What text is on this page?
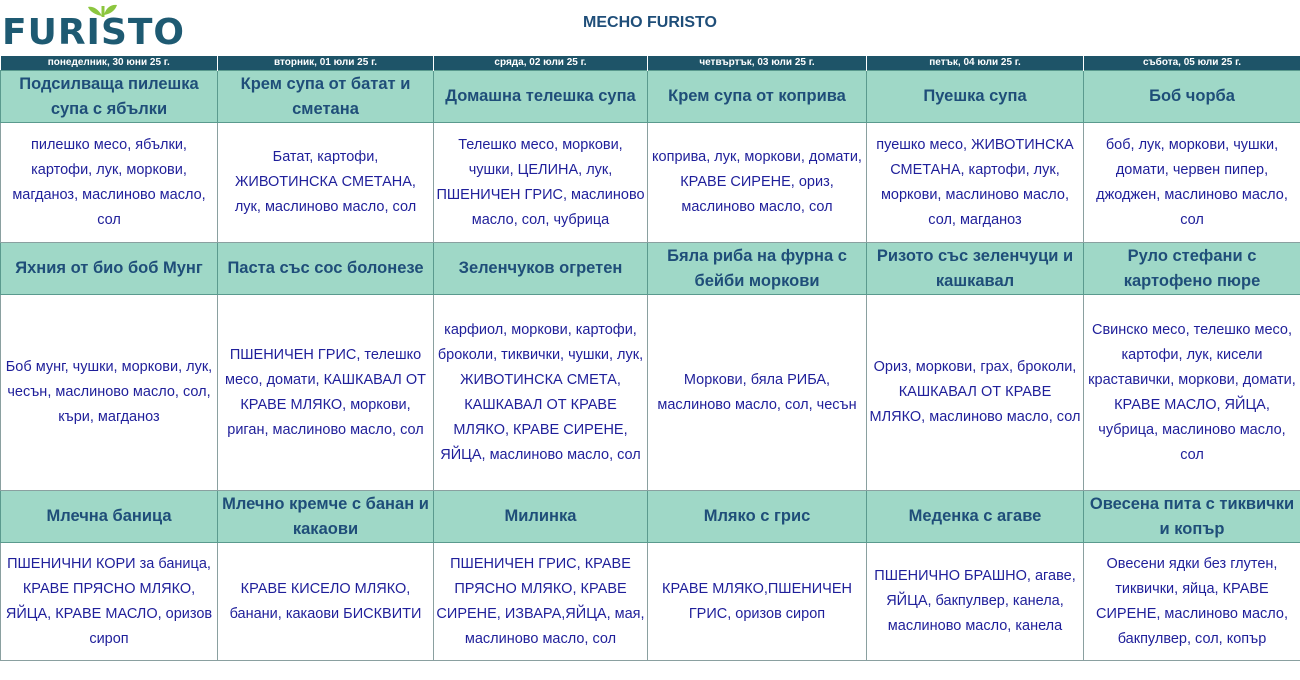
FURISTO	МЕСНО FURISTO
понеделник, 30 юни 25 г.	вторник, 01 юли 25 г.	сряда, 02 юли 25 г.	четвъртък, 03 юли 25 г.	петък, 04 юли 25 г.	събота, 05 юли 25 г.
Подсилваща пилешка супа с ябълки	Крем супа от батат и сметана	Домашна телешка супа	Крем супа от коприва	Пуешка супа	Боб чорба
пилешко месо, ябълки, картофи, лук, моркови, магданоз, маслиново масло, сол	Батат, картофи, ЖИВОТИНСКА СМЕТАНА, лук, маслиново масло, сол	Телешко месо, моркови, чушки, ЦЕЛИНА, лук, ПШЕНИЧЕН ГРИС, маслиново масло, сол, чубрица	коприва, лук, моркови, домати, КРАВЕ СИРЕНЕ, ориз, маслиново масло, сол	пуешко месо, ЖИВОТИНСКА СМЕТАНА, картофи, лук, моркови, маслиново масло, сол, магданоз	боб, лук, моркови, чушки, домати, червен пипер, джоджен, маслиново масло, сол
Яхния от био боб Мунг	Паста със сос болонезе	Зеленчуков огретен	Бяла риба на фурна с бейби моркови	Ризото със зеленчуци и кашкавал	Руло стефани с картофено пюре
Боб мунг, чушки, моркови, лук, чесън, маслиново масло, сол, къри, магданоз	ПШЕНИЧЕН ГРИС, телешко месо, домати, КАШКАВАЛ ОТ КРАВЕ МЛЯКО, моркови, риган, маслиново масло, сол	карфиол, моркови, картофи, броколи, тиквички, чушки, лук, ЖИВОТИНСКА СМЕТА, КАШКАВАЛ ОТ КРАВЕ МЛЯКО, КРАВЕ СИРЕНЕ, ЯЙЦА, маслиново масло, сол	Моркови, бяла РИБА, маслиново масло, сол, чесън	Ориз, моркови, грах, броколи, КАШКАВАЛ ОТ КРАВЕ МЛЯКО, маслиново масло, сол	Свинско месо, телешко месо, картофи, лук, кисели краставички, моркови, домати, КРАВЕ МАСЛО, ЯЙЦА, чубрица, маслиново масло, сол
Млечна баница	Млечно кремче с банан и какаови	Милинка	Мляко с грис	Меденка с агаве	Овесена пита с тиквички и копър
ПШЕНИЧНИ КОРИ за баница, КРАВЕ ПРЯСНО МЛЯКО, ЯЙЦА, КРАВЕ МАСЛО, оризов сироп	КРАВЕ КИСЕЛО МЛЯКО, банани, какаови БИСКВИТИ	ПШЕНИЧЕН ГРИС, КРАВЕ ПРЯСНО МЛЯКО, КРАВЕ СИРЕНЕ, ИЗВАРА,ЯЙЦА, мая, маслиново масло, сол	КРАВЕ МЛЯКО,ПШЕНИЧЕН ГРИС, оризов сироп	ПШЕНИЧНО БРАШНО, агаве, ЯЙЦА, бакпулвер, канела, маслиново масло, канела	Овесени ядки без глутен, тиквички, яйца, КРАВЕ СИРЕНЕ, маслиново масло, бакпулвер, сол, копър
